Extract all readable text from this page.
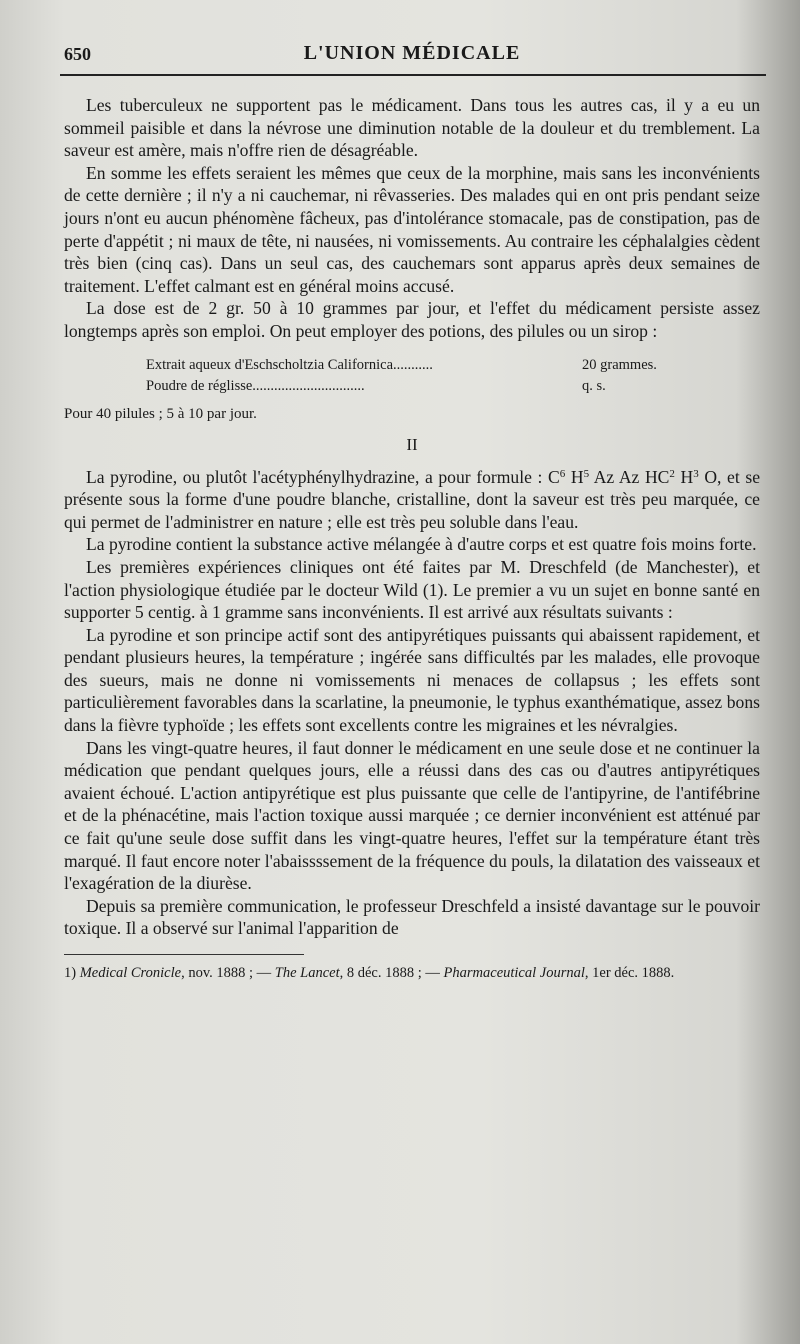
650	L'UNION MÉDICALE

Les tuberculeux ne supportent pas le médicament. Dans tous les autres cas, il y a eu un sommeil paisible et dans la névrose une diminution notable de la douleur et du tremblement. La saveur est amère, mais n'offre rien de désagréable.

En somme les effets seraient les mêmes que ceux de la morphine, mais sans les inconvénients de cette dernière ; il n'y a ni cauchemar, ni rêvasseries. Des malades qui en ont pris pendant seize jours n'ont eu aucun phénomène fâcheux, pas d'intolérance stomacale, pas de constipation, pas de perte d'appétit ; ni maux de tête, ni nausées, ni vomissements. Au contraire les céphalalgies cèdent très bien (cinq cas). Dans un seul cas, des cauchemars sont apparus après deux semaines de traitement. L'effet calmant est en général moins accusé.

La dose est de 2 gr. 50 à 10 grammes par jour, et l'effet du médicament persiste assez longtemps après son emploi. On peut employer des potions, des pilules ou un sirop :

Extrait aqueux d'Eschscholtzia Californica...........	20 grammes.
Poudre de réglisse...............................	q. s.
Pour 40 pilules ; 5 à 10 par jour.
II

La pyrodine, ou plutôt l'acétyphénylhydrazine, a pour formule : $C^6$ $H^5$ Az Az $HC^2$ $H^3$ O, et se présente sous la forme d'une poudre blanche, cristalline, dont la saveur est très peu marquée, ce qui permet de l'administrer en nature ; elle est très peu soluble dans l'eau.

La pyrodine contient la substance active mélangée à d'autre corps et est quatre fois moins forte.

Les premières expériences cliniques ont été faites par M. Dreschfeld (de Manchester), et l'action physiologique étudiée par le docteur Wild (1). Le premier a vu un sujet en bonne santé en supporter 5 centig. à 1 gramme sans inconvénients. Il est arrivé aux résultats suivants :

La pyrodine et son principe actif sont des antipyrétiques puissants qui abaissent rapidement, et pendant plusieurs heures, la température ; ingérée sans difficultés par les malades, elle provoque des sueurs, mais ne donne ni vomissements ni menaces de collapsus ; les effets sont particulièrement favorables dans la scarlatine, la pneumonie, le typhus exanthématique, assez bons dans la fièvre typhoïde ; les effets sont excellents contre les migraines et les névralgies.

Dans les vingt-quatre heures, il faut donner le médicament en une seule dose et ne continuer la médication que pendant quelques jours, elle a réussi dans des cas ou d'autres antipyrétiques avaient échoué. L'action antipyrétique est plus puissante que celle de l'antipyrine, de l'antifébrine et de la phénacétine, mais l'action toxique aussi marquée ; ce dernier inconvénient est atténué par ce fait qu'une seule dose suffit dans les vingt-quatre heures, l'effet sur la température étant très marqué. Il faut encore noter l'abaissssement de la fréquence du pouls, la dilatation des vaisseaux et l'exagération de la diurèse.

Depuis sa première communication, le professeur Dreschfeld a insisté davantage sur le pouvoir toxique. Il a observé sur l'animal l'apparition de

1) Medical Cronicle, nov. 1888 ; — The Lancet, 8 déc. 1888 ; — Pharmaceutical Journal, 1er déc. 1888.
